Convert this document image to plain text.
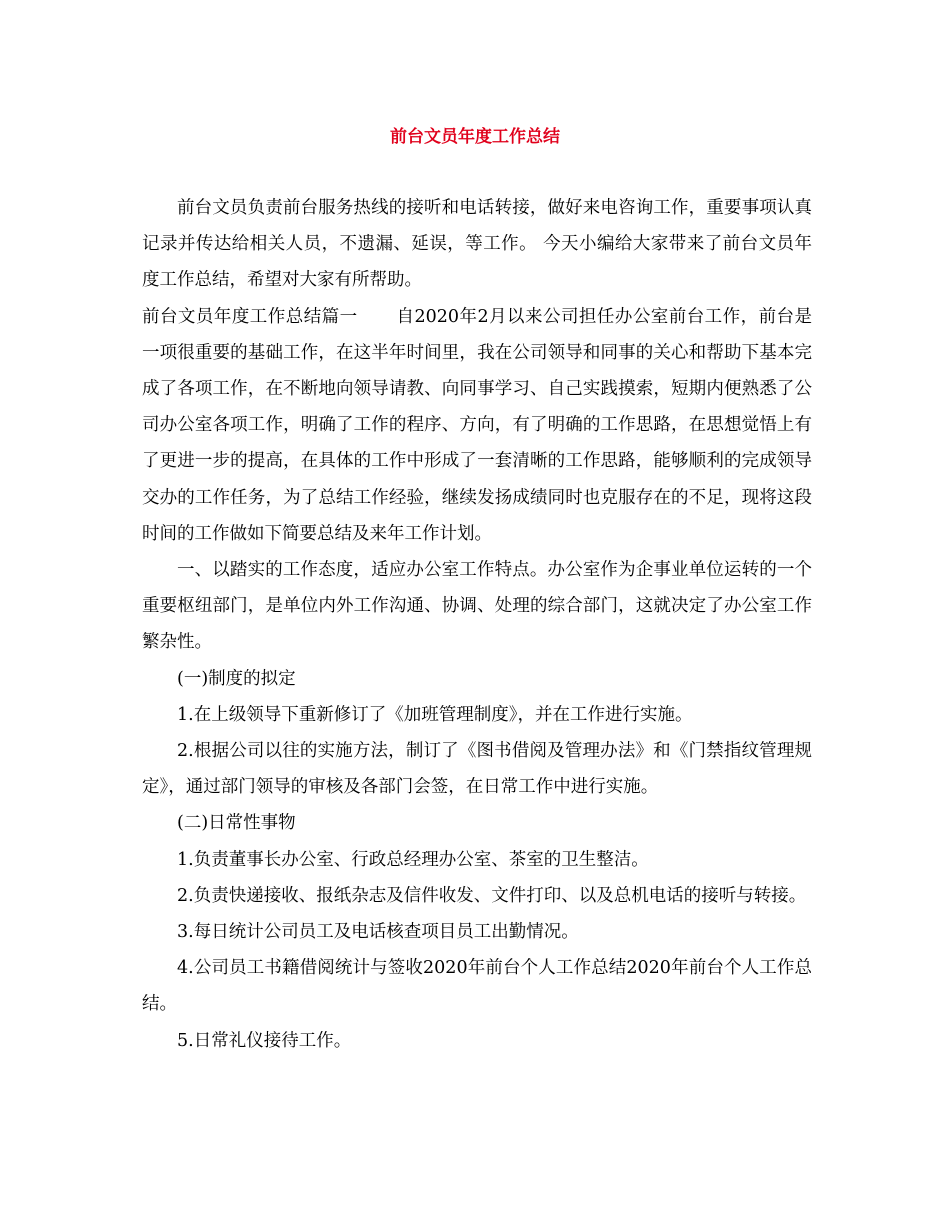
前台文员年度工作总结

前台文员负责前台服务热线的接听和电话转接，做好来电咨询工作，重要事项认真记录并传达给相关人员，不遗漏、延误，等工作。 今天小编给大家带来了前台文员年度工作总结，希望对大家有所帮助。

前台文员年度工作总结篇一 自2020年2月以来公司担任办公室前台工作，前台是一项很重要的基础工作，在这半年时间里，我在公司领导和同事的关心和帮助下基本完成了各项工作，在不断地向领导请教、向同事学习、自己实践摸索，短期内便熟悉了公司办公室各项工作，明确了工作的程序、方向，有了明确的工作思路，在思想觉悟上有了更进一步的提高，在具体的工作中形成了一套清晰的工作思路，能够顺利的完成领导交办的工作任务，为了总结工作经验，继续发扬成绩同时也克服存在的不足，现将这段时间的工作做如下简要总结及来年工作计划。

一、以踏实的工作态度，适应办公室工作特点。办公室作为企事业单位运转的一个重要枢纽部门，是单位内外工作沟通、协调、处理的综合部门，这就决定了办公室工作繁杂性。

(一)制度的拟定

1.在上级领导下重新修订了《加班管理制度》，并在工作进行实施。

2.根据公司以往的实施方法，制订了《图书借阅及管理办法》和《门禁指纹管理规定》，通过部门领导的审核及各部门会签，在日常工作中进行实施。

(二)日常性事物

1.负责董事长办公室、行政总经理办公室、茶室的卫生整洁。

2.负责快递接收、报纸杂志及信件收发、文件打印、以及总机电话的接听与转接。

3.每日统计公司员工及电话核查项目员工出勤情况。

4.公司员工书籍借阅统计与签收2020年前台个人工作总结2020年前台个人工作总结。

5.日常礼仪接待工作。
